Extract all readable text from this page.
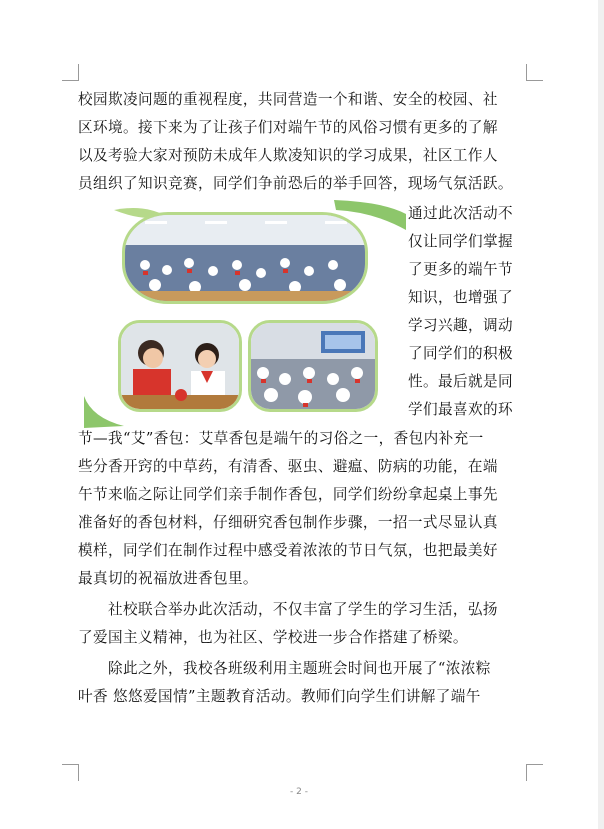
校园欺凌问题的重视程度，共同营造一个和谐、安全的校园、社
区环境。接下来为了让孩子们对端午节的风俗习惯有更多的了解
以及考验大家对预防未成年人欺凌知识的学习成果，社区工作人
员组织了知识竞赛，同学们争前恐后的举手回答，现场气氛活跃。
通过此次活动不
仅让同学们掌握
了更多的端午节
知识，也增强了
学习兴趣，调动
了同学们的积极
性。最后就是同
学们最喜欢的环
节—我“艾”香包：艾草香包是端午的习俗之一，香包内补充一
些分香开窍的中草药，有清香、驱虫、避瘟、防病的功能，在端
午节来临之际让同学们亲手制作香包，同学们纷纷拿起桌上事先
准备好的香包材料，仔细研究香包制作步骤，一招一式尽显认真
模样，同学们在制作过程中感受着浓浓的节日气氛，也把最美好
最真切的祝福放进香包里。
社校联合举办此次活动，不仅丰富了学生的学习生活，弘扬
了爱国主义精神，也为社区、学校进一步合作搭建了桥梁。
除此之外，我校各班级利用主题班会时间也开展了“浓浓粽
叶香 悠悠爱国情”主题教育活动。教师们向学生们讲解了端午
- 2 -
